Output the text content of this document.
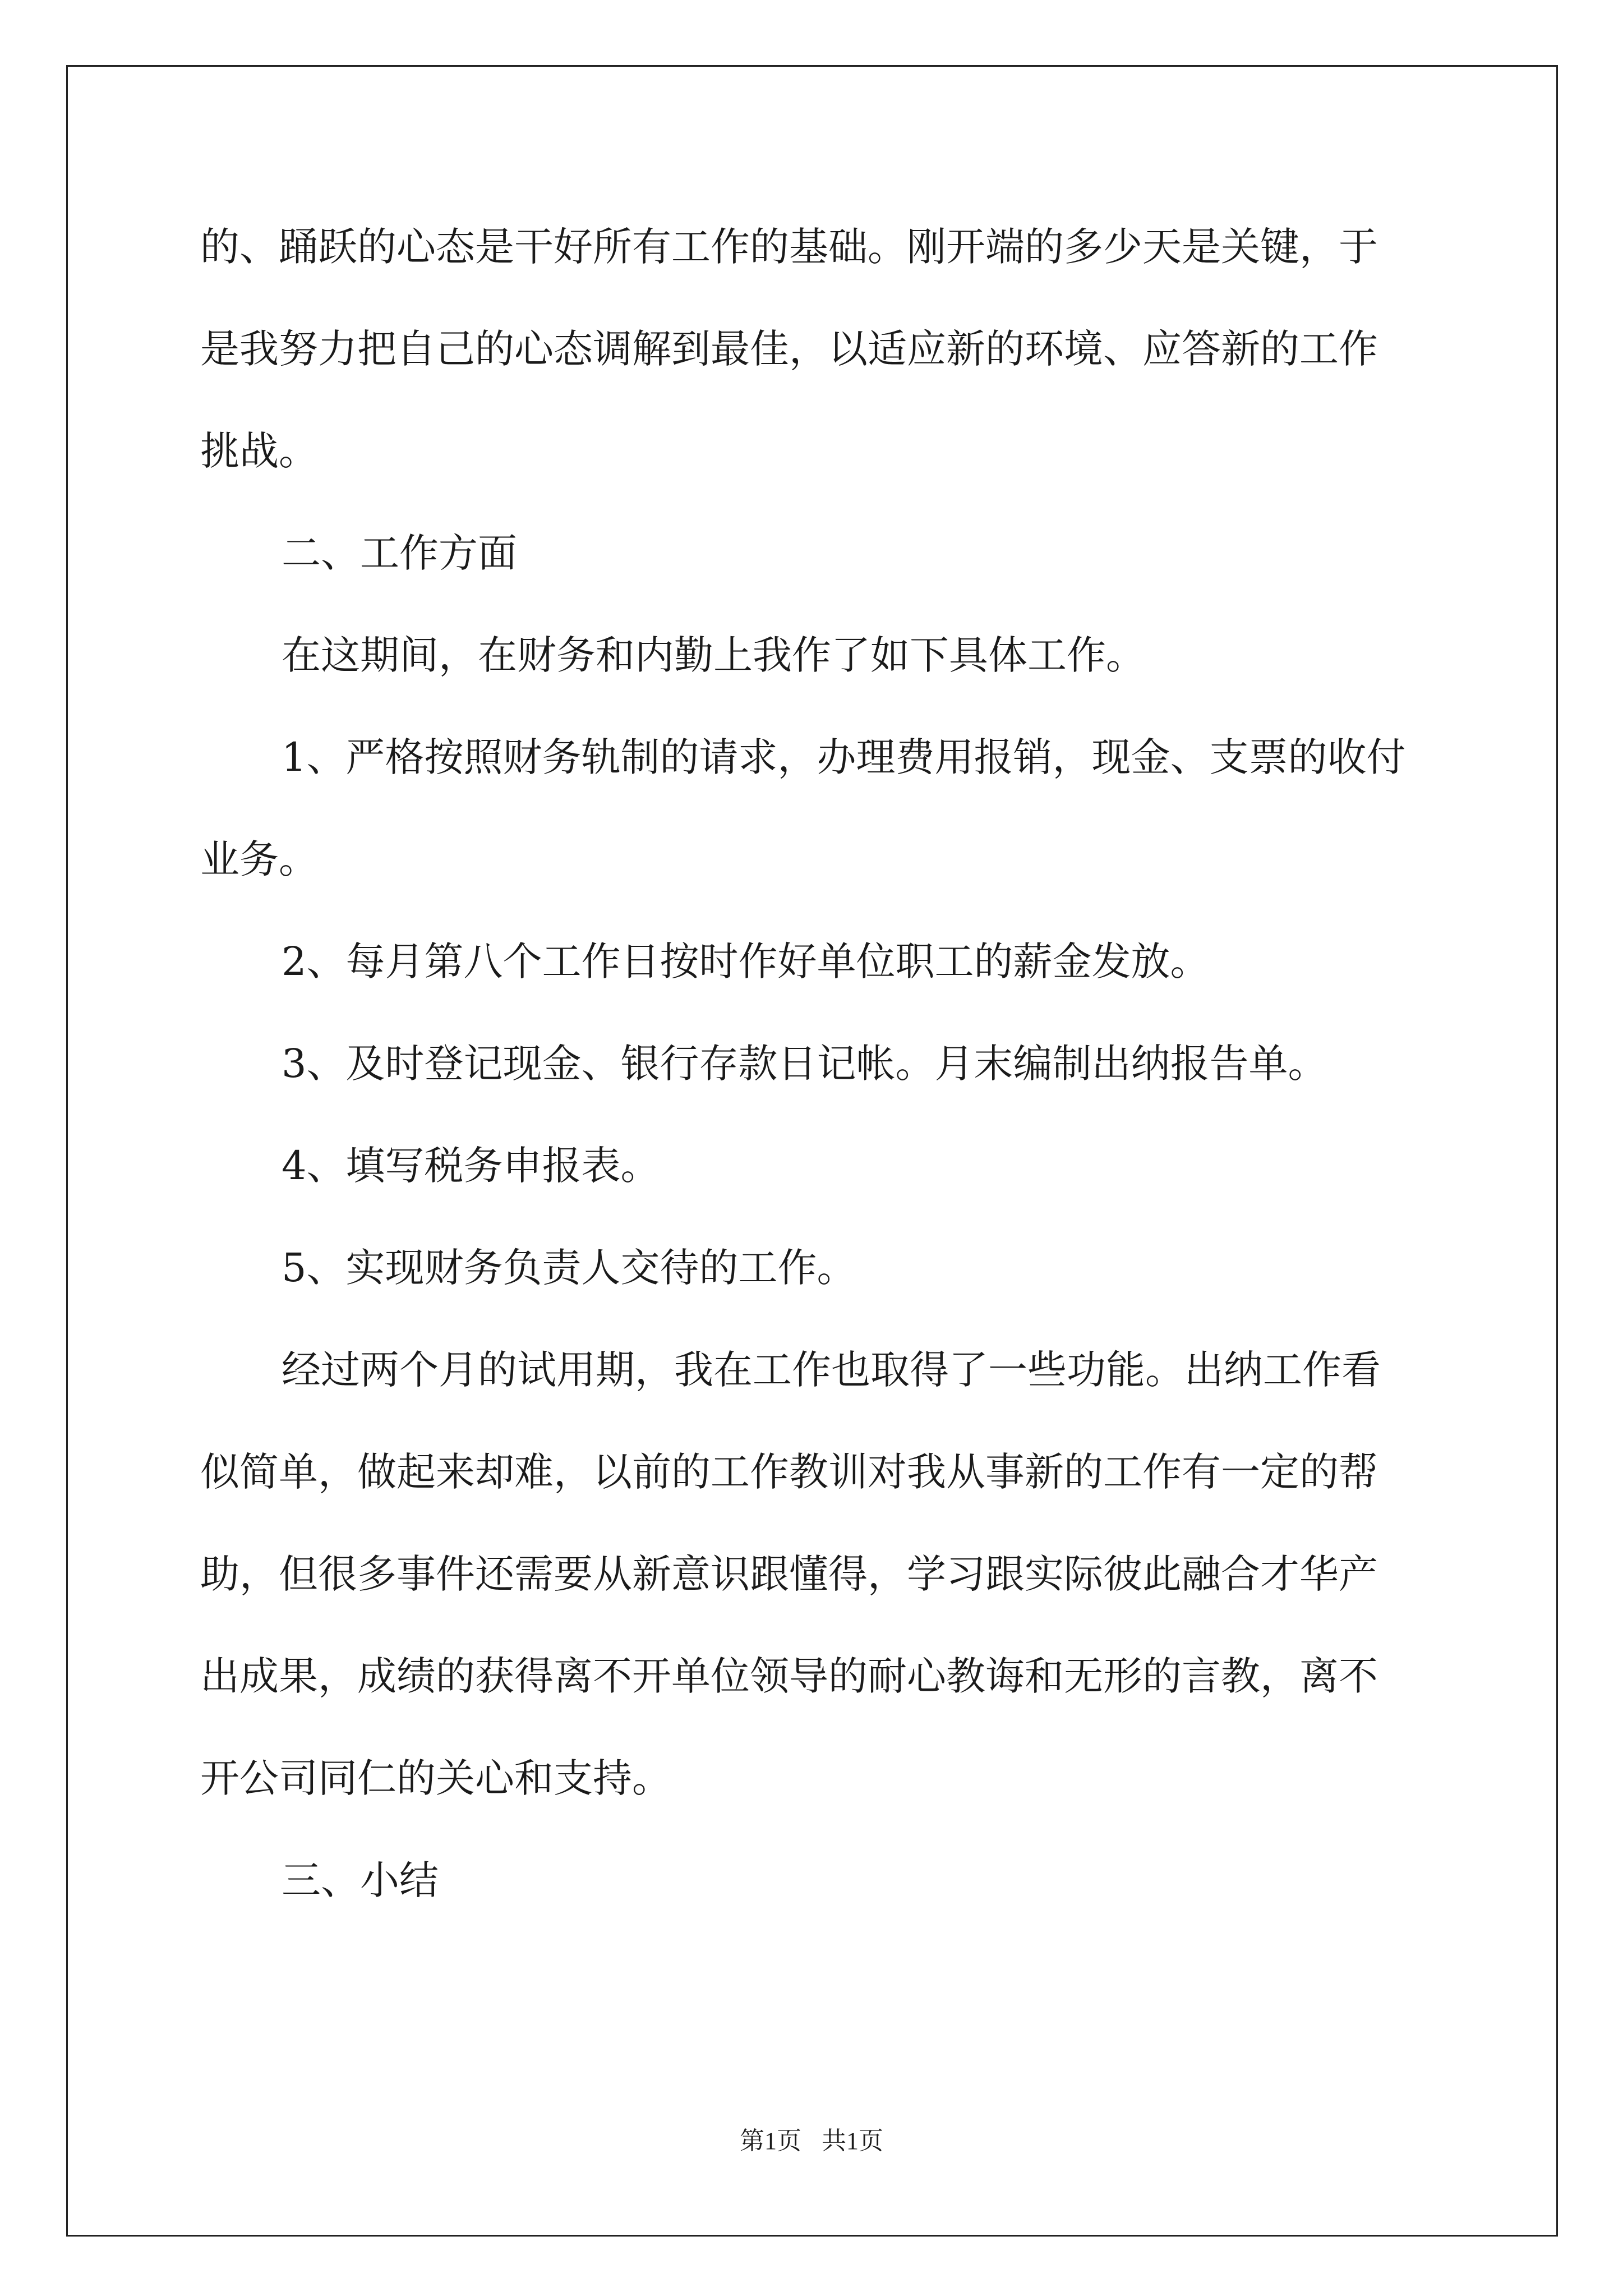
的、踊跃的心态是干好所有工作的基础。刚开端的多少天是关键，于

是我努力把自己的心态调解到最佳，以适应新的环境、应答新的工作

挑战。

二、工作方面

在这期间，在财务和内勤上我作了如下具体工作。

1、严格按照财务轨制的请求，办理费用报销，现金、支票的收付

业务。

2、每月第八个工作日按时作好单位职工的薪金发放。

3、及时登记现金、银行存款日记帐。月末编制出纳报告单。

4、填写税务申报表。

5、实现财务负责人交待的工作。

经过两个月的试用期，我在工作也取得了一些功能。出纳工作看

似简单，做起来却难，以前的工作教训对我从事新的工作有一定的帮

助，但很多事件还需要从新意识跟懂得，学习跟实际彼此融合才华产

出成果，成绩的获得离不开单位领导的耐心教诲和无形的言教，离不

开公司同仁的关心和支持。

三、小结

第1页 共1页
